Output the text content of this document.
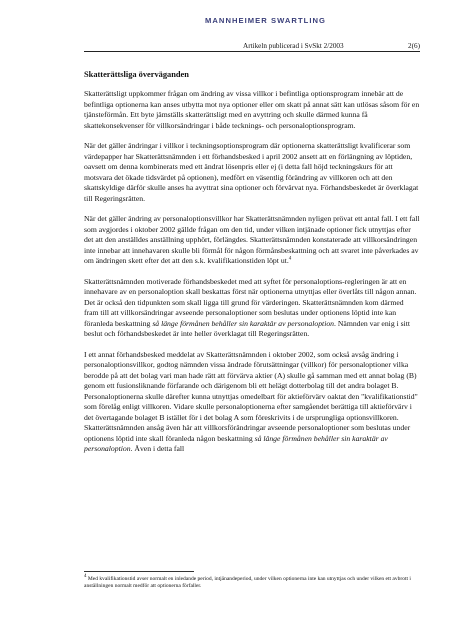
MANNHEIMER SWARTLING
Artikeln publicerad i SvSkt 2/2003	2(6)
Skatterättsliga överväganden

Skatterättsligt uppkommer frågan om ändring av vissa villkor i befintliga optionsprogram innebär att de befintliga optionerna kan anses utbytta mot nya optioner eller om skatt på annat sätt kan utlösas såsom för en tjänsteförmån. Ett byte jämställs skatterättsligt med en avyttring och skulle därmed kunna få skattekonsekvenser för villkorsändringar i både tecknings- och personaloptionsprogram.

När det gäller ändringar i villkor i teckningsoptionsprogram där optionerna skatterättsligt kvalificerar som värdepapper har Skatterättsnämnden i ett förhandsbesked i april 2002 ansett att en förlängning av löptiden, oavsett om denna kombinerats med ett ändrat lösenpris eller ej (i detta fall höjd teckningskurs för att motsvara det ökade tidsvärdet på optionen), medfört en väsentlig förändring av villkoren och att den skattskyldige därför skulle anses ha avyttrat sina optioner och förvärvat nya. Förhandsbeskedet är överklagat till Regeringsrätten.

När det gäller ändring av personaloptionsvillkor har Skatterättsnämnden nyligen prövat ett antal fall. I ett fall som avgjordes i oktober 2002 gällde frågan om den tid, under vilken intjänade optioner fick utnyttjas efter det att den anställdes anställning upphört, förlängdes. Skatterättsnämnden konstaterade att villkorsändringen inte innebar att innehavaren skulle bli förmål för någon förmånsbeskattning och att svaret inte påverkades av om ändringen skett efter det att den s.k. kvalifikationstiden löpt ut.$^4$

Skatterättsnämnden motiverade förhandsbeskedet med att syftet för personaloptions-regleringen är att en innehavare av en personaloption skall beskattas först när optionerna utnyttjas eller överlåts till någon annan. Det är också den tidpunkten som skall ligga till grund för värderingen. Skatterättsnämnden kom därmed fram till att villkorsändringar avseende personaloptioner som beslutas under optionens löptid inte kan föranleda beskattning så länge förmånen behåller sin karaktär av personaloption. Nämnden var enig i sitt beslut och förhandsbeskedet är inte heller överklagat till Regeringsrätten.

I ett annat förhandsbesked meddelat av Skatterättsnämnden i oktober 2002, som också avsåg ändring i personaloptionsvillkor, godtog nämnden vissa ändrade förutsättningar (villkor) för personaloptioner vilka berodde på att det bolag vari man hade rätt att förvärva aktier (A) skulle gå samman med ett annat bolag (B) genom ett fusionsliknande förfarande och därigenom bli ett helägt dotterbolag till det andra bolaget B. Personaloptionerna skulle därefter kunna utnyttjas omedelbart för aktieförvärv oaktat den "kvalifikationstid" som förelåg enligt villkoren. Vidare skulle personaloptionerna efter samgåendet berättiga till aktieförvärv i det övertagande bolaget B istället för i det bolag A som föreskrivits i de ursprungliga optionsvillkoren. Skatterättsnämnden ansåg även här att villkorsförändringar avseende personaloptioner som beslutas under optionens löptid inte skall föranleda någon beskattning så länge förmånen behåller sin karaktär av personaloption. Även i detta fall

$^4$ Med kvalifikationstid avser normalt en inledande period, intjänandeperiod, under vilken optionerna inte kan utnyttjas och under vilken ett avbrott i anställningen normalt medför att optionerna förfaller.
